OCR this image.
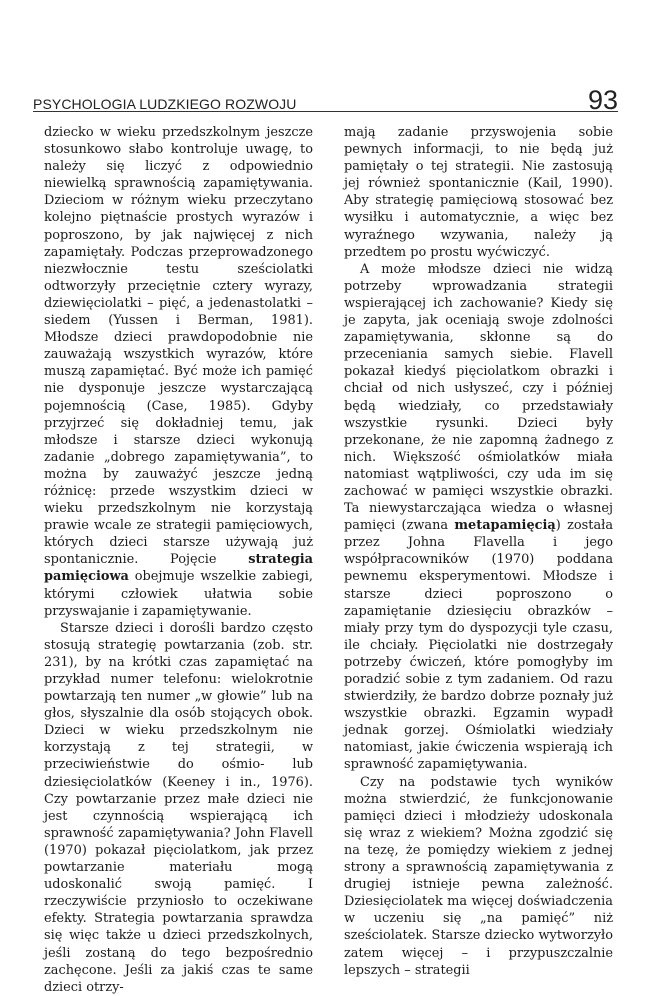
PSYCHOLOGIA LUDZKIEGO ROZWOJU	93

dziecko w wieku przedszkolnym jeszcze stosunkowo słabo kontroluje uwagę, to należy się liczyć z odpowiednio niewielką sprawnością zapamiętywania. Dzieciom w różnym wieku przeczytano kolejno piętnaście prostych wyrazów i poproszono, by jak najwięcej z nich zapamiętały. Podczas przeprowadzonego niezwłocznie testu sześciolatki odtworzyły przeciętnie cztery wyrazy, dziewięciolatki – pięć, a jedenastolatki – siedem (Yussen i Berman, 1981). Młodsze dzieci prawdopodobnie nie zauważają wszystkich wyrazów, które muszą zapamiętać. Być może ich pamięć nie dysponuje jeszcze wystarczającą pojemnością (Case, 1985). Gdyby przyjrzeć się dokładniej temu, jak młodsze i starsze dzieci wykonują zadanie „dobrego zapamiętywania”, to można by zauważyć jeszcze jedną różnicę: przede wszystkim dzieci w wieku przedszkolnym nie korzystają prawie wcale ze strategii pamięciowych, których dzieci starsze używają już spontanicznie. Pojęcie strategia pamięciowa obejmuje wszelkie zabiegi, którymi człowiek ułatwia sobie przyswajanie i zapamiętywanie.

Starsze dzieci i dorośli bardzo często stosują strategię powtarzania (zob. str. 231), by na krótki czas zapamiętać na przykład numer telefonu: wielokrotnie powtarzają ten numer „w głowie” lub na głos, słyszalnie dla osób stojących obok. Dzieci w wieku przedszkolnym nie korzystają z tej strategii, w przeciwieństwie do ośmio- lub dziesięciolatków (Keeney i in., 1976). Czy powtarzanie przez małe dzieci nie jest czynnością wspierającą ich sprawność zapamiętywania? John Flavell (1970) pokazał pięciolatkom, jak przez powtarzanie materiału mogą udoskonalić swoją pamięć. I rzeczywiście przyniosło to oczekiwane efekty. Strategia powtarzania sprawdza się więc także u dzieci przedszkolnych, jeśli zostaną do tego bezpośrednio zachęcone. Jeśli za jakiś czas te same dzieci otrzy-

mają zadanie przyswojenia sobie pewnych informacji, to nie będą już pamiętały o tej strategii. Nie zastosują jej również spontanicznie (Kail, 1990). Aby strategię pamięciową stosować bez wysiłku i automatycznie, a więc bez wyraźnego wzywania, należy ją przedtem po prostu wyćwiczyć.

A może młodsze dzieci nie widzą potrzeby wprowadzania strategii wspierającej ich zachowanie? Kiedy się je zapyta, jak oceniają swoje zdolności zapamiętywania, skłonne są do przeceniania samych siebie. Flavell pokazał kiedyś pięciolatkom obrazki i chciał od nich usłyszeć, czy i później będą wiedziały, co przedstawiały wszystkie rysunki. Dzieci były przekonane, że nie zapomną żadnego z nich. Większość ośmiolatków miała natomiast wątpliwości, czy uda im się zachować w pamięci wszystkie obrazki. Ta niewystarczająca wiedza o własnej pamięci (zwana metapamięcią) została przez Johna Flavella i jego współpracowników (1970) poddana pewnemu eksperymentowi. Młodsze i starsze dzieci poproszono o zapamiętanie dziesięciu obrazków – miały przy tym do dyspozycji tyle czasu, ile chciały. Pięciolatki nie dostrzegały potrzeby ćwiczeń, które pomogłyby im poradzić sobie z tym zadaniem. Od razu stwierdziły, że bardzo dobrze poznały już wszystkie obrazki. Egzamin wypadł jednak gorzej. Ośmiolatki wiedziały natomiast, jakie ćwiczenia wspierają ich sprawność zapamiętywania.

Czy na podstawie tych wyników można stwierdzić, że funkcjonowanie pamięci dzieci i młodzieży udoskonala się wraz z wiekiem? Można zgodzić się na tezę, że pomiędzy wiekiem z jednej strony a sprawnością zapamiętywania z drugiej istnieje pewna zależność. Dziesięciolatek ma więcej doświadczenia w uczeniu się „na pamięć” niż sześciolatek. Starsze dziecko wytworzyło zatem więcej – i przypuszczalnie lepszych – strategii
